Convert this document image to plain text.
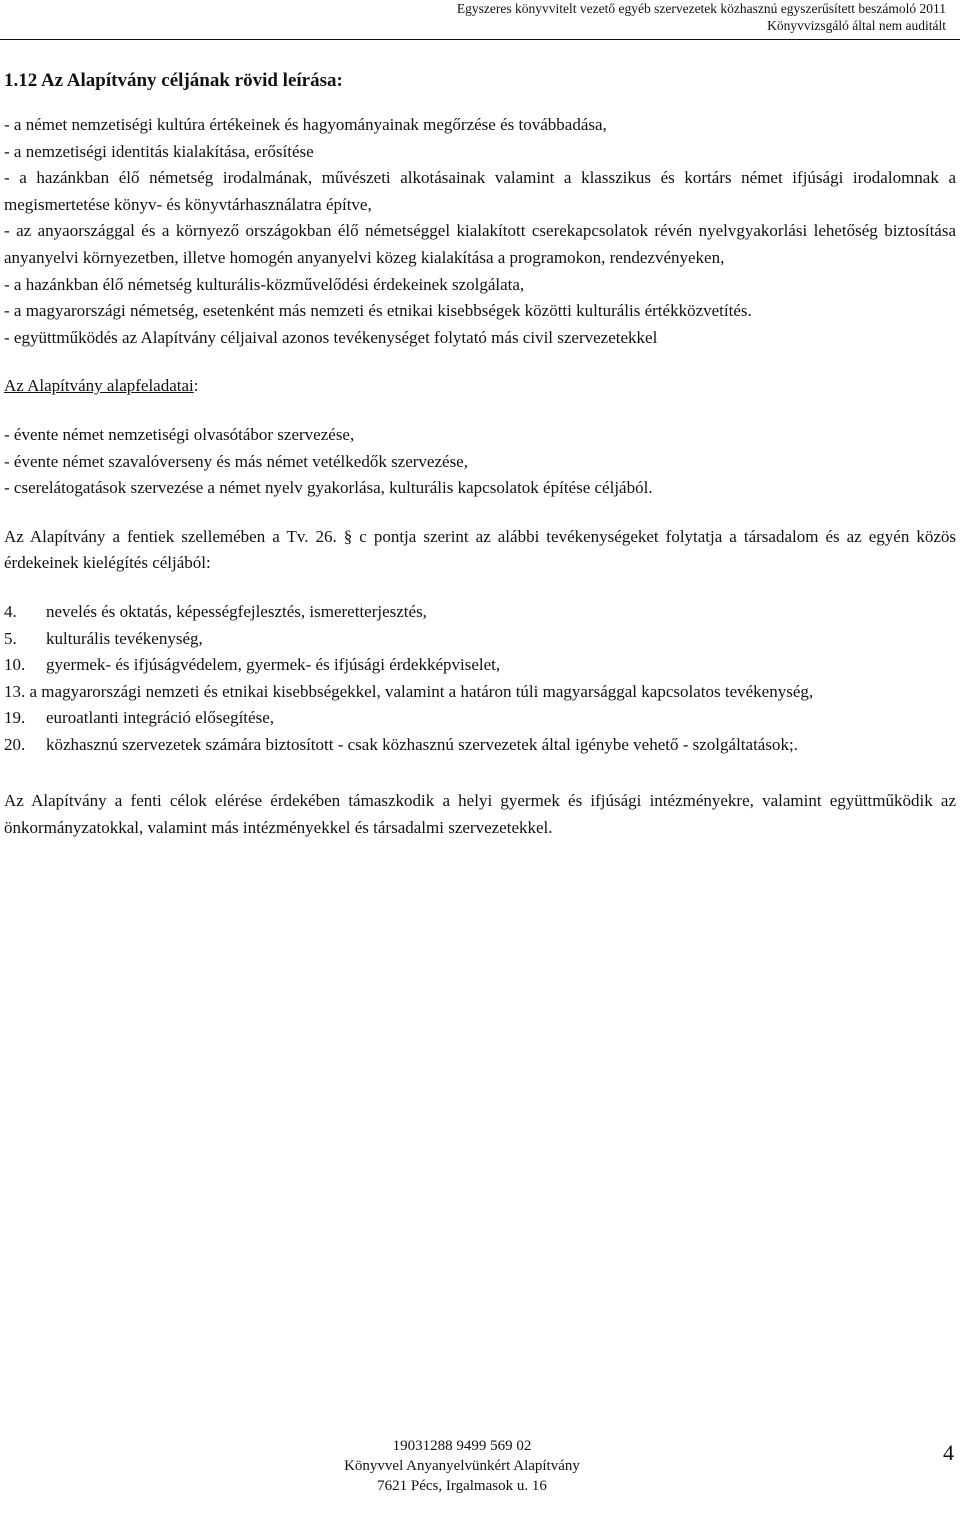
Egyszeres könyvvitelt vezető egyéb szervezetek közhasznú egyszerűsített beszámoló 2011
Könyvvizsgáló által nem auditált
1.12 Az Alapítvány céljának rövid leírása:

- a német nemzetiségi kultúra értékeinek és hagyományainak megőrzése és továbbadása,

- a nemzetiségi identitás kialakítása, erősítése

- a hazánkban élő németség irodalmának, művészeti alkotásainak valamint a klasszikus és kortárs német ifjúsági irodalomnak a megismertetése könyv- és könyvtárhasználatra építve,

- az anyaországgal és a környező országokban élő németséggel kialakított cserekapcsolatok révén nyelvgyakorlási lehetőség biztosítása anyanyelvi környezetben, illetve homogén anyanyelvi közeg kialakítása a programokon, rendezvényeken,

- a hazánkban élő németség kulturális-közművelődési érdekeinek szolgálata,

- a magyarországi németség, esetenként más nemzeti és etnikai kisebbségek közötti kulturális értékközvetítés.

- együttműködés az Alapítvány céljaival azonos tevékenységet folytató más civil szervezetekkel

Az Alapítvány alapfeladatai:

- évente német nemzetiségi olvasótábor szervezése,

- évente német szavalóverseny és más német vetélkedők szervezése,

- cserelátogatások szervezése a német nyelv gyakorlása, kulturális kapcsolatok építése céljából.

Az Alapítvány a fentiek szellemében a Tv. 26. § c pontja szerint az alábbi tevékenységeket folytatja a társadalom és az egyén közös érdekeinek kielégítés céljából:

4. nevelés és oktatás, képességfejlesztés, ismeretterjesztés,

5. kulturális tevékenység,

10. gyermek- és ifjúságvédelem, gyermek- és ifjúsági érdekképviselet,

13. a magyarországi nemzeti és etnikai kisebbségekkel, valamint a határon túli magyarsággal kapcsolatos tevékenység,

19. euroatlanti integráció elősegítése,

20. közhasznú szervezetek számára biztosított - csak közhasznú szervezetek által igénybe vehető - szolgáltatások;.

Az Alapítvány a fenti célok elérése érdekében támaszkodik a helyi gyermek és ifjúsági intézményekre, valamint együttműködik az önkormányzatokkal, valamint más intézményekkel és társadalmi szervezetekkel.

19031288 9499 569 02
Könyvvel Anyanyelvünkért Alapítvány
7621 Pécs, Irgalmasok u. 16
4
